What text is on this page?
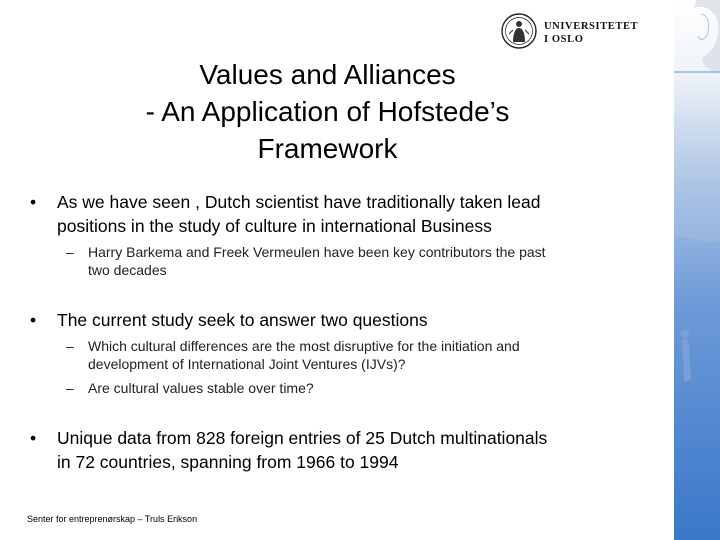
UNIVERSITETET
I OSLO
Values and Alliances
- An Application of Hofstede’s
Framework
• As we have seen , Dutch scientist have traditionally taken lead
positions in the study of culture in international Business
– Harry Barkema and Freek Vermeulen have been key contributors the past
two decades
• The current study seek to answer two questions
– Which cultural differences are the most disruptive for the initiation and
development of International Joint Ventures (IJVs)?
– Are cultural values stable over time?
• Unique data from 828 foreign entries of 25 Dutch multinationals
in 72 countries, spanning from 1966 to 1994
Senter for entreprenørskap – Truls Erikson
